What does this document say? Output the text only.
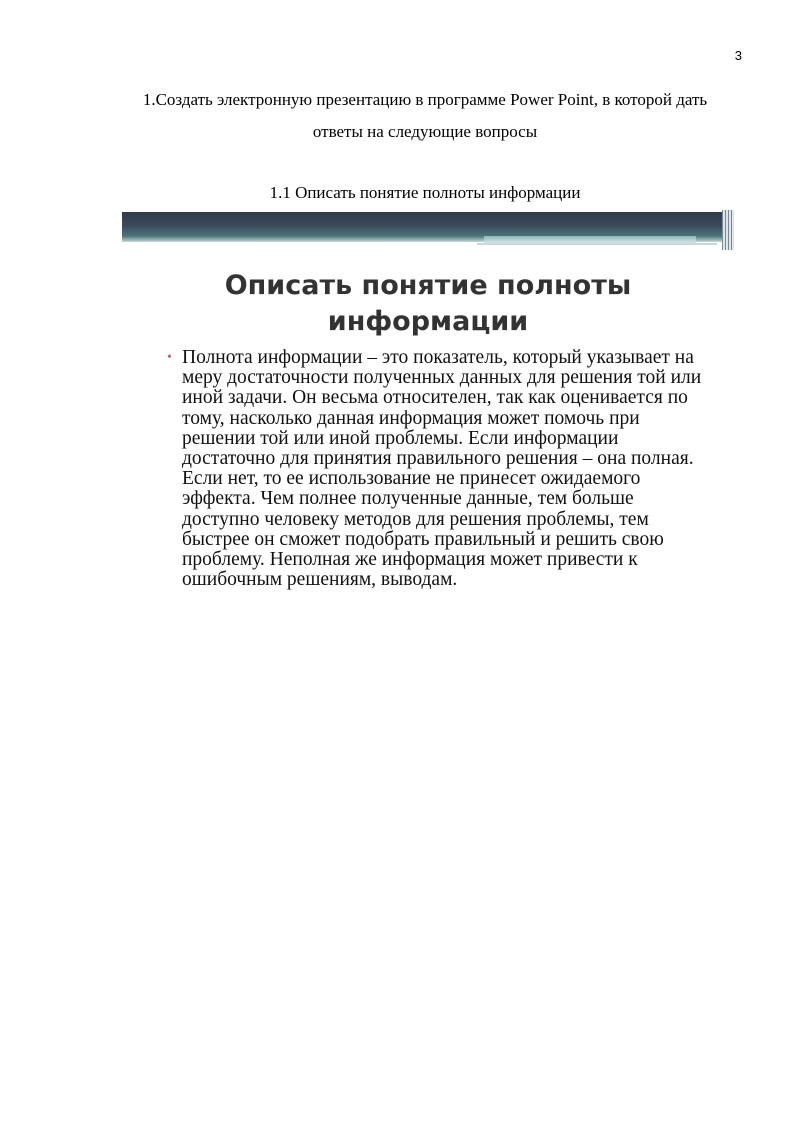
3

1.Создать электронную презентацию в программе Power Point, в которой дать ответы на следующие вопросы

1.1 Описать понятие полноты информации

Описать понятие полноты информации
• Полнота информации – это показатель, который указывает на меру достаточности полученных данных для решения той или иной задачи. Он весьма относителен, так как оценивается по тому, насколько данная информация может помочь при решении той или иной проблемы. Если информации достаточно для принятия правильного решения – она полная. Если нет, то ее использование не принесет ожидаемого эффекта. Чем полнее полученные данные, тем больше доступно человеку методов для решения проблемы, тем быстрее он сможет подобрать правильный и решить свою проблему. Неполная же информация может привести к ошибочным решениям, выводам.
